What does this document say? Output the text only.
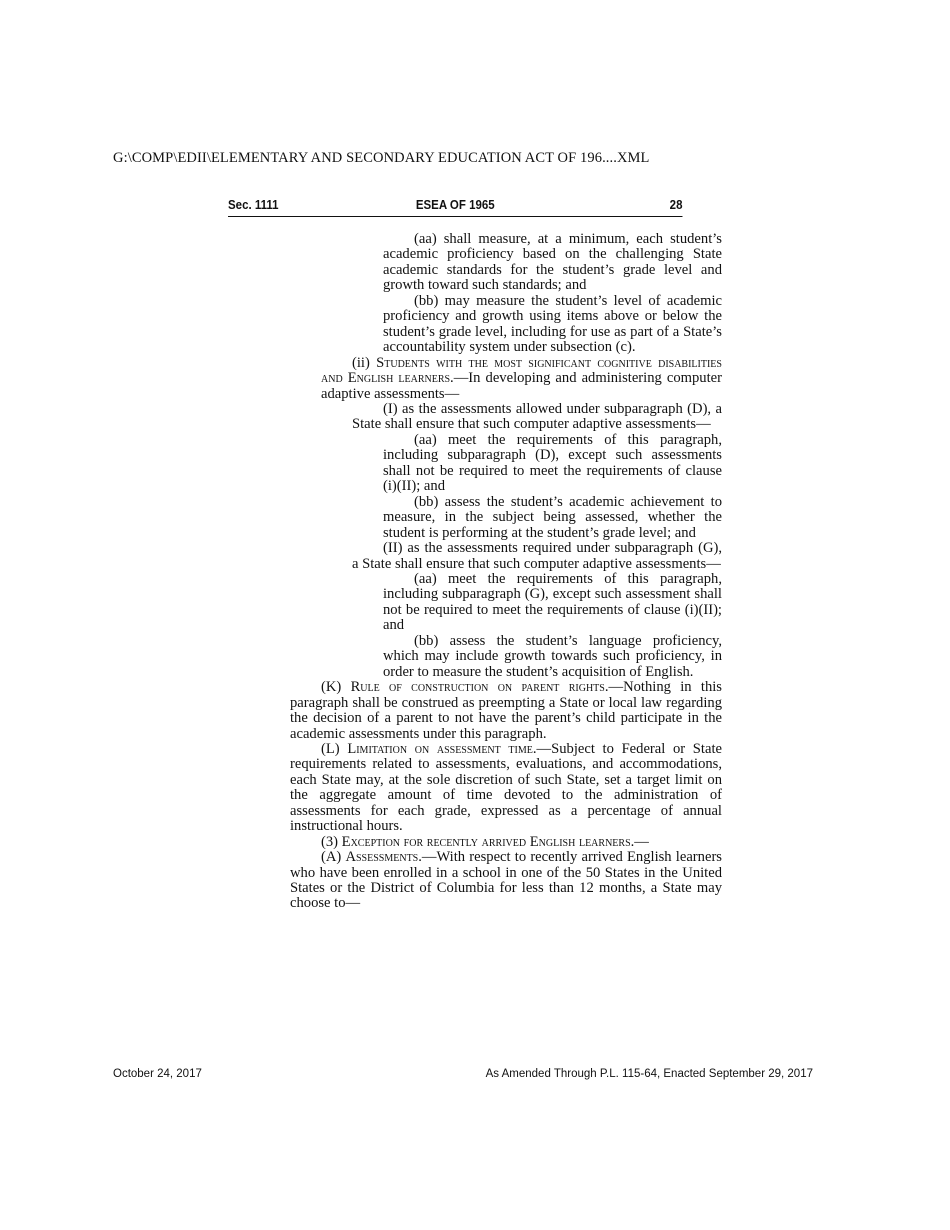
G:\COMP\EDII\ELEMENTARY AND SECONDARY EDUCATION ACT OF 196....XML
Sec. 1111	ESEA OF 1965	28

(aa) shall measure, at a minimum, each student’s academic proficiency based on the challenging State academic standards for the student’s grade level and growth toward such standards; and

(bb) may measure the student’s level of academic proficiency and growth using items above or below the student’s grade level, including for use as part of a State’s accountability system under subsection (c).

(ii) Students with the most significant cognitive disabilities and English learners.—In developing and administering computer adaptive assessments—

(I) as the assessments allowed under subparagraph (D), a State shall ensure that such computer adaptive assessments—

(aa) meet the requirements of this paragraph, including subparagraph (D), except such assessments shall not be required to meet the requirements of clause (i)(II); and

(bb) assess the student’s academic achievement to measure, in the subject being assessed, whether the student is performing at the student’s grade level; and

(II) as the assessments required under subparagraph (G), a State shall ensure that such computer adaptive assessments—

(aa) meet the requirements of this paragraph, including subparagraph (G), except such assessment shall not be required to meet the requirements of clause (i)(II); and

(bb) assess the student’s language proficiency, which may include growth towards such proficiency, in order to measure the student’s acquisition of English.

(K) Rule of construction on parent rights.—Nothing in this paragraph shall be construed as preempting a State or local law regarding the decision of a parent to not have the parent’s child participate in the academic assessments under this paragraph.

(L) Limitation on assessment time.—Subject to Federal or State requirements related to assessments, evaluations, and accommodations, each State may, at the sole discretion of such State, set a target limit on the aggregate amount of time devoted to the administration of assessments for each grade, expressed as a percentage of annual instructional hours.

(3) Exception for recently arrived English learners.—

(A) Assessments.—With respect to recently arrived English learners who have been enrolled in a school in one of the 50 States in the United States or the District of Columbia for less than 12 months, a State may choose to—

October 24, 2017	As Amended Through P.L. 115-64, Enacted September 29, 2017
